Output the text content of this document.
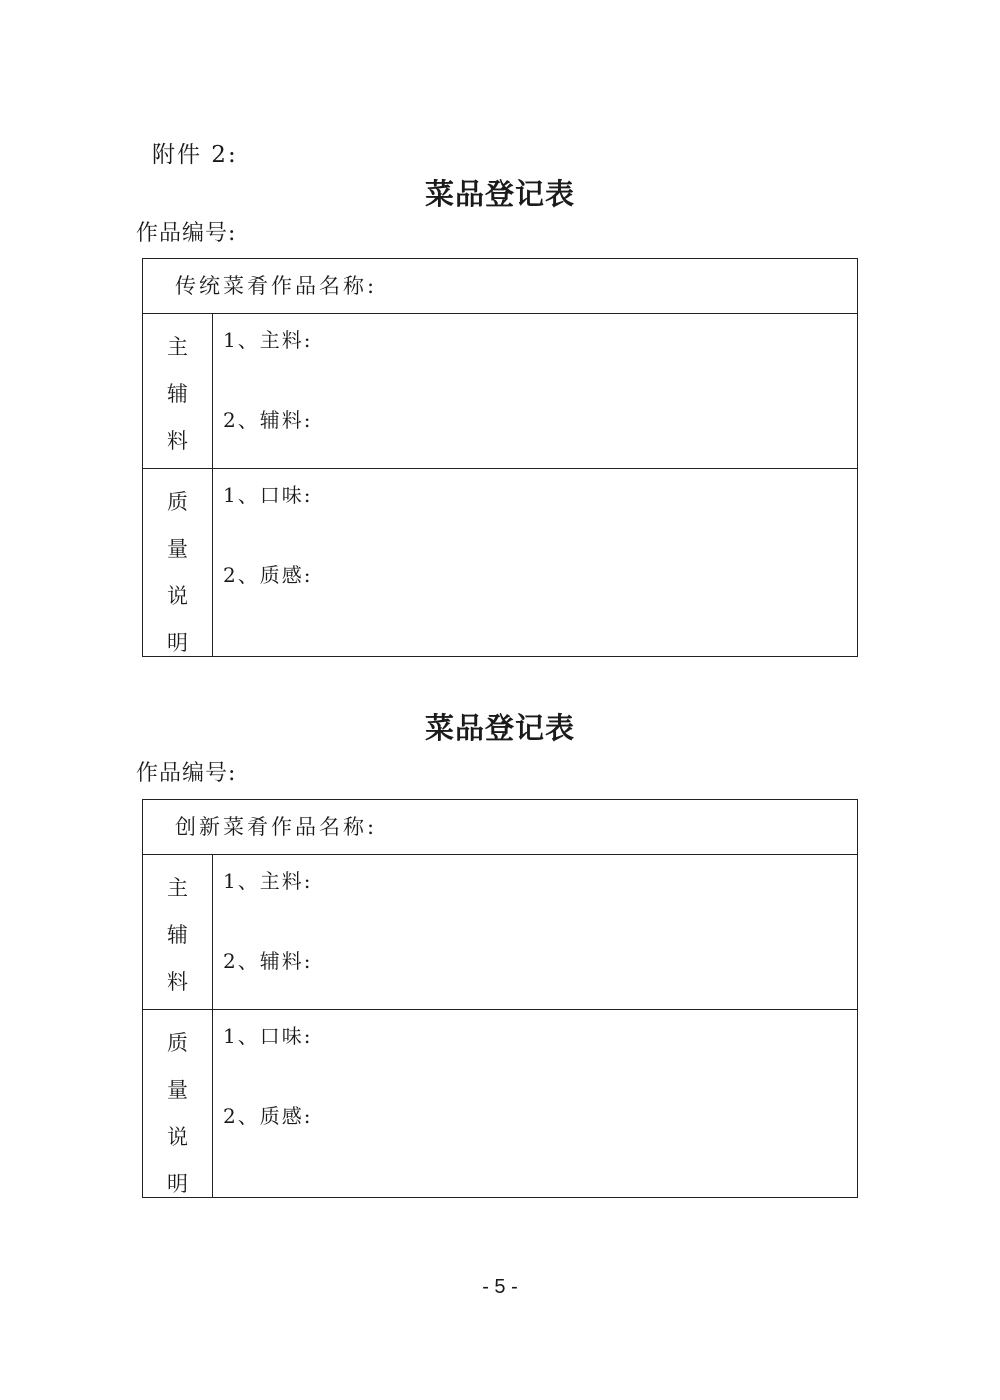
附件 2:
菜品登记表
作品编号:
传统菜肴作品名称:
主
辅
料
1、主料:
2、辅料:
质
量
说
明
1、口味:
2、质感:
菜品登记表
作品编号:
创新菜肴作品名称:
主
辅
料
1、主料:
2、辅料:
质
量
说
明
1、口味:
2、质感:
- 5 -
